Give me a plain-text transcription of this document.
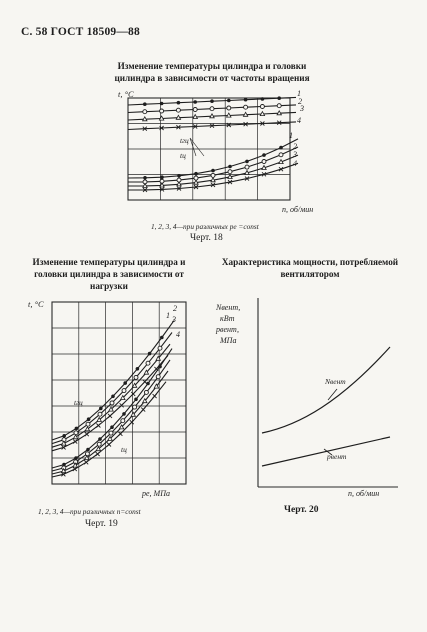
С. 58 ГОСТ 18509—88
Изменение температуры цилиндра и головки цилиндра в зависимости от частоты вращения
t, °C
n, об/мин
1
2
3
4
1
2
3
4
tгц
tц
1, 2, 3, 4—при различных pe =const
Черт. 18
Изменение температуры цилиндра и головки цилиндра в зависимости от нагрузки
t, °C
pe, МПа
1
2
3
4
tгц
tц
1, 2, 3, 4—при различных n=const
Черт. 19
Характеристика мощности, потребляемой вентилятором
Nвент,
кВт
pвент,
МПа
Nвент
pвент
n, об/мин
Черт. 20
